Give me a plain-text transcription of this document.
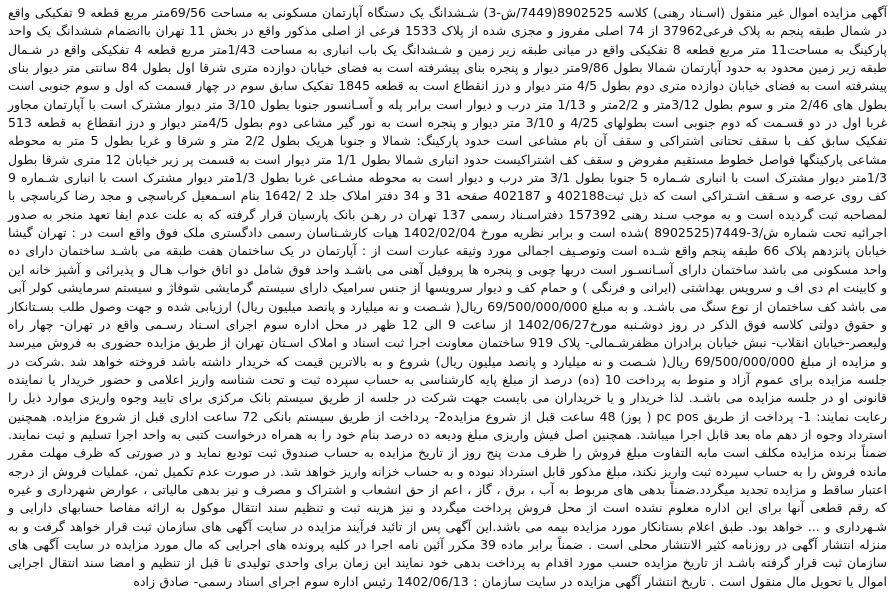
آگهی مزایده اموال غیر منقول (اسـناد رهنی) کلاسه 8902525(7449/ش-3) شـشدانگ یک دستگاه آپارتمان مسکونی به مساحت 69/56متر مربع قطعه 9 تفکیکی واقع در شمال طبقه پنجم به پلاک فرعی37962 از 74 اصلی مفروز و مجزی شده از پلاک 1533 فرعی از اصلی مذکور واقع در بخش 11 تهران باانضمام ششدانگ یک واحد پارکینگ به مساحت11 متر مربع قطعه 8 تفکیکی واقع در میانی طبقه زیر زمین و شـشدانگ یک باب انباری به مساحت 1/43متر مربع قطعه 4 تفکیکی واقع در شـمال طبقه زیر زمین محدود به حدود آپارتمان شمالا بطول 9/86متر دیوار و پنجره بنای پیشرفته است به فضای خیابان دوازده متری شرقا اول بطول 84 سانتی متر دیوار بنای پیشرفته است به فضای خیابان دوازده متری دوم بطول 4/5 متر دیوار و درز انقطاع است به قطعه 1845 تفکیک سابق سوم در چهار قسمت که اول و سوم جنوبی است بطول های 2/46 متر و سوم بطول 3/12متر و 2/2متر و 1/13 متر درب و دیوار است برابر پله و آسـانسور جنوبا بطول 3/10 متر دیوار مشترک است با آپارتمان مجاور غربا اول در دو قسـمت که دوم جنوبی است بطولهای 4/25 و 3/10 متر دیوار و پنجره است به نور گیر مشاعی دوم بطول 4/5متر دیوار و درز انقطاع به قطعه 513 تفکیک سابق کف با سقف تحتانی اشتراکی و سقف آن بام مشاعی است حدود پارکینگ: شمالا و جنوبا هریک بطول 2/2 متر و شرقا و غربا بطول 5 متر به محوطه مشاعی پارکینگها فواصل خطوط مستقیم مفروض و سقف کف اشتراکیست حدود انباری شمالا بطول 1/1 متر دیوار است به قسمت پر زیر خیابان 12 متری شرقا بطول 1/3متر دیوار مشترک است با انباری شـماره 5 جنوبا بطول 3/1 متر درب و دیوار است به محوطه مشـاعی غربا بطول 1/3متر دیوار مشترک است با انباری شـماره 9 کف روی عرصه و سـقف اشـتراکی است که ذیل ثبت402188 و 402187 صفحه 31 و 34 دفتر املاک جلد 2 /1642 بنام اسـمعیل کرباسچی و مجد رضا کرباسچی با لمصاحبه ثبت گردیده است و به موجب سـند رهنی 157392 دفتراسـناد رسمی 137 تهران در رهـن بانک پارسیان قرار گرفته که به علت عدم ایفا تعهد منجر به صدور اجرائیه تحت شماره ش/3-7449(8902525 )شده است و برابر نظریه مورخ 1402/02/04 هیات کارشـناسان رسمی دادگستری ملک فوق واقع است در : تهران گیشا خیابان پانزدهم پلاک 66 طبقه پنجم واقع شـده است وتوصـیف اجمالی مورد وثیقه عبارت است از : آپارتمان در یک ساختمان هفت طبقه می باشـد ساختمان دارای ده واحد مسکونی می باشد ساختمان دارای آسـانسـور است دربها چوبی و پنجره ها پروفیل آهنی می باشـد واحد فوق شامل دو اتاق خواب هـال و پذیرائی و آشپز خانه این و کابینت ام دی اف و سرویس بهداشتی (ایرانی و فرنگی ) و حمام کف و دیوار سرویسها از جنس سرامیک دارای سیستم گرمایشی شوفاژ و سیستم سرمایشی کولر آبی می باشد کف ساختمان از نوع سنگ می باشـد. و به مبلغ 69/500/000/000 ریال( شـصت و نه میلیارد و پانصد میلیون ریال) ارزیابی شده و جهت وصول طلب بسـتانکار و حقوق دولتی کلاسه فوق الذکر در روز دوشـنبه مورخ1402/06/27 از ساعت 9 الی 12 ظهر در محل اداره سوم اجرای اسـناد رسـمی واقع در تهران- چهار راه ولیعصر-خیابان انقلاب- نبش خیابان برادران مظفرشـمالی- پلاک 919 ساختمان معاونت اجرا ثبت اسناد و املاک اسـتان تهران از طریق مزایده حضوری به فروش میرسد و مزایده از مبلغ 69/500/000/000 ریال( شـصت و نه میلیارد و پانصد میلیون ریال) شروع و به بالاترین قیمت که خریدار داشته باشد فروخته خواهد شد .شرکت در جلسه مزایده برای عموم آزاد و منوط به پرداخت 10 (ده) درصد از مبلغ پایه کارشناسی به حساب سپرده ثبت و تحت شناسه واریز اعلامی و حضور خریدار یا نماینده قانونی او در جلسه مزایده می باشـد. لذا خریدار و یا خریداران می بایست جهت شرکت در جلسه از طریق سیستم بانک مرکزی برای تایید وجوه واریزی موارد ذیل را رعایت نمایند: 1- پرداخت از طریق pc pos ( پوز) 48 ساعت قبل از شروع مزایده2- پرداخت از طریق سیستم بانکی 72 ساعت اداری قبل از شروع مزایده. همچنین استرداد وجوه از دهم ماه بعد قابل اجرا میباشد. همچنین اصل فیش واریزی مبلغ ودیعه ده درصد بنام خود را به همراه درخواست کتبی به واحد اجرا تسلیم و ثبت نمایند. ضمناً برنده مزایده مکلف است مابه التفاوت مبلغ فروش را ظرف مدت پنج روز از تاریخ مزایده به حساب صندوق ثبت تودیع نماید و در صورتی که ظرف مهلت مقرر مانده فروش را به حساب سپرده ثبت واریز نکند، مبلغ مذکور قابل استرداد نبوده و به حساب خزانه واریز خواهد شد. در صورت عدم تکمیل ثمن، عملیات فروش از درجه اعتبار ساقط و مزایده تجدید میگردد.ضمناً بدهی های مربوط به آب ، برق ، گاز ، اعم از حق انشعاب و اشتراک و مصرف و نیز بدهی مالیاتی ، عوارض شهرداری و غیره که رقم قطعی آنها برای این اداره معلوم نشده است از محل فروش پرداخت میگردد و نیز هزینه ثبت و تنظیم سند انتقال موکول به ارائه مفاصا حسابهای دارایی و شـهرداری و ... خواهد بود. طبق اعلام بستانکار مورد مزایده بیمه می باشد.این آگهی پس از تائید فرآیند مزایده در سایت آگهی های سازمان ثبت قرار خواهد گرفت و به منزله انتشار آگهی در روزنامه کثیر الانتشار محلی است . ضمناً برابر ماده 39 مکرر آئین نامه اجرا در کلیه پرونده های اجرایی که مال مورد مزایده در سایت آگهی های سازمان ثبت قرار گرفته باشـد از تاریخ مزایده حسب مورد اقدام به پرداخت بدهی خود نمایند این زمان برای واحدی تولیدی تا قبل از تنظیم و امضا سند انتقال اجرایی اموال یا تحویل مال منقول است . تاریخ انتشار آگهی مزایده در سایت سازمان : 1402/06/13 رئیس اداره سوم اجرای اسناد رسمی- صادق زاده
